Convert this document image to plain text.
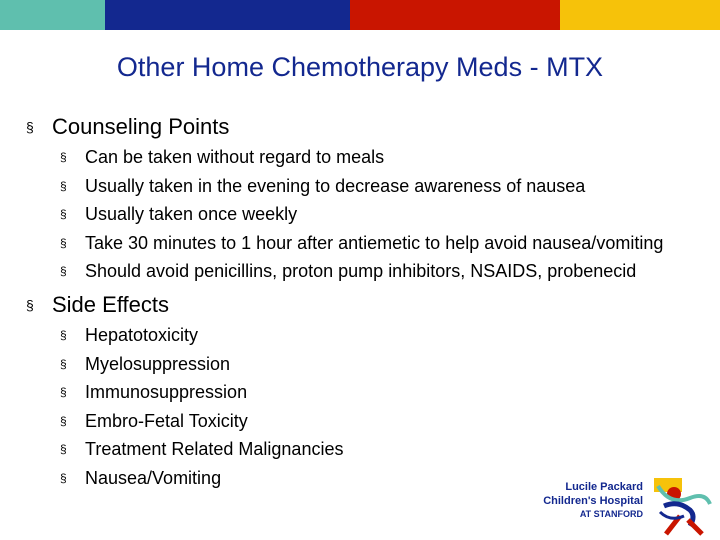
Other Home Chemotherapy Meds - MTX
§ Counseling Points
§ Can be taken without regard to meals
§ Usually taken in the evening to decrease awareness of nausea
§ Usually taken once weekly
§ Take 30 minutes to 1 hour after antiemetic to help avoid nausea/vomiting
§ Should avoid penicillins, proton pump inhibitors, NSAIDS, probenecid
§ Side Effects
§ Hepatotoxicity
§ Myelosuppression
§ Immunosuppression
§ Embro-Fetal Toxicity
§ Treatment Related Malignancies
§ Nausea/Vomiting	Lucile Packard
Children's Hospital
AT STANFORD
